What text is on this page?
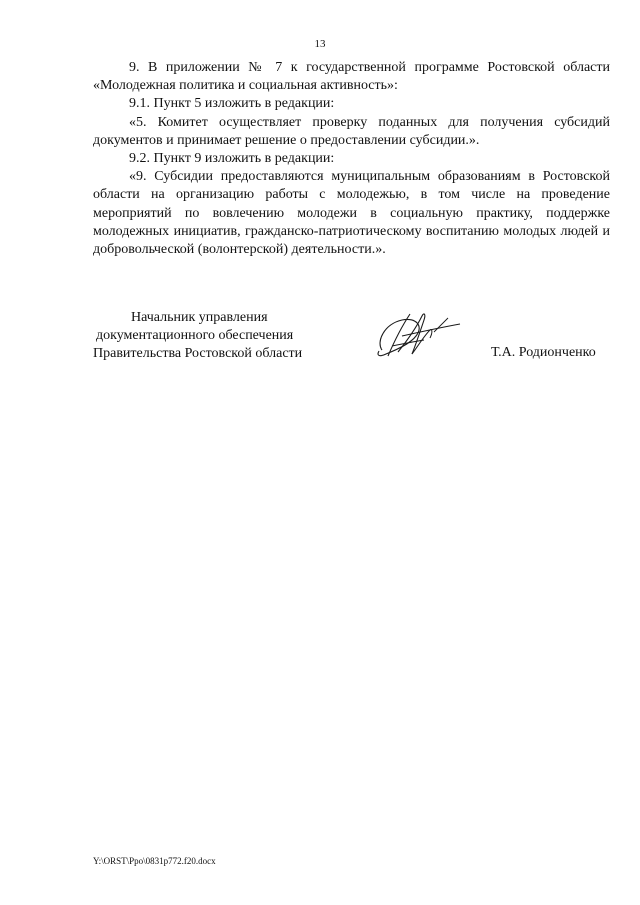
13

9. В приложении № 7 к государственной программе Ростовской области «Молодежная политика и социальная активность»:

9.1. Пункт 5 изложить в редакции:

«5. Комитет осуществляет проверку поданных для получения субсидий документов и принимает решение о предоставлении субсидии.».

9.2. Пункт 9 изложить в редакции:

«9. Субсидии предоставляются муниципальным образованиям в Ростовской области на организацию работы с молодежью, в том числе на проведение мероприятий по вовлечению молодежи в социальную практику, поддержке молодежных инициатив, гражданско-патриотическому воспитанию молодых людей и добровольческой (волонтерской) деятельности.».

Начальник управления
документационного обеспечения
Правительства Ростовской области	Т.А. Родионченко
Y:\ORST\Ppo\0831p772.f20.docx
